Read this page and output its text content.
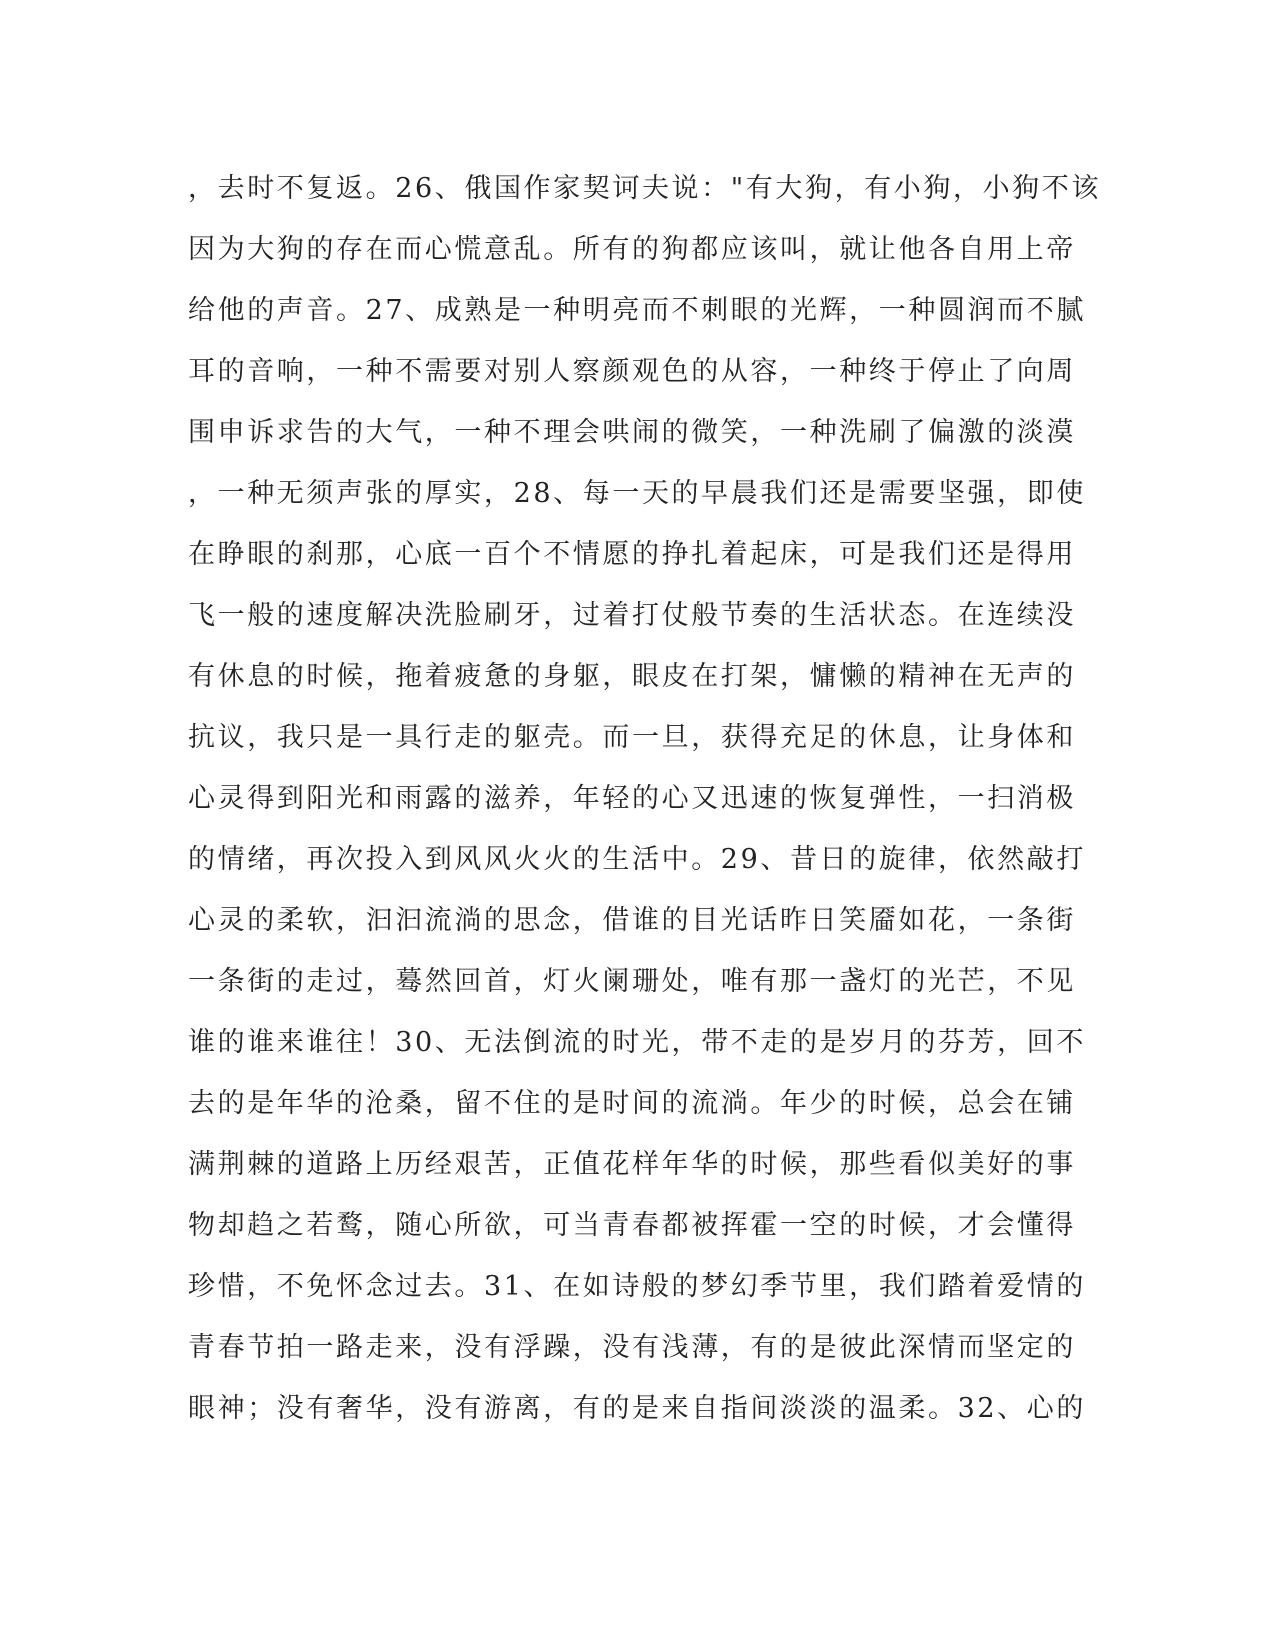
，去时不复返。26、俄国作家契诃夫说："有大狗，有小狗，小狗不该
因为大狗的存在而心慌意乱。所有的狗都应该叫，就让他各自用上帝
给他的声音。27、成熟是一种明亮而不刺眼的光辉，一种圆润而不腻
耳的音响，一种不需要对别人察颜观色的从容，一种终于停止了向周
围申诉求告的大气，一种不理会哄闹的微笑，一种洗刷了偏激的淡漠
，一种无须声张的厚实，28、每一天的早晨我们还是需要坚强，即使
在睁眼的刹那，心底一百个不情愿的挣扎着起床，可是我们还是得用
飞一般的速度解决洗脸刷牙，过着打仗般节奏的生活状态。在连续没
有休息的时候，拖着疲惫的身躯，眼皮在打架，慵懒的精神在无声的
抗议，我只是一具行走的躯壳。而一旦，获得充足的休息，让身体和
心灵得到阳光和雨露的滋养，年轻的心又迅速的恢复弹性，一扫消极
的情绪，再次投入到风风火火的生活中。29、昔日的旋律，依然敲打
心灵的柔软，汩汩流淌的思念，借谁的目光话昨日笑靥如花，一条街
一条街的走过，蓦然回首，灯火阑珊处，唯有那一盏灯的光芒，不见
谁的谁来谁往！30、无法倒流的时光，带不走的是岁月的芬芳，回不
去的是年华的沧桑，留不住的是时间的流淌。年少的时候，总会在铺
满荆棘的道路上历经艰苦，正值花样年华的时候，那些看似美好的事
物却趋之若鹜，随心所欲，可当青春都被挥霍一空的时候，才会懂得
珍惜，不免怀念过去。31、在如诗般的梦幻季节里，我们踏着爱情的
青春节拍一路走来，没有浮躁，没有浅薄，有的是彼此深情而坚定的
眼神；没有奢华，没有游离，有的是来自指间淡淡的温柔。32、心的
